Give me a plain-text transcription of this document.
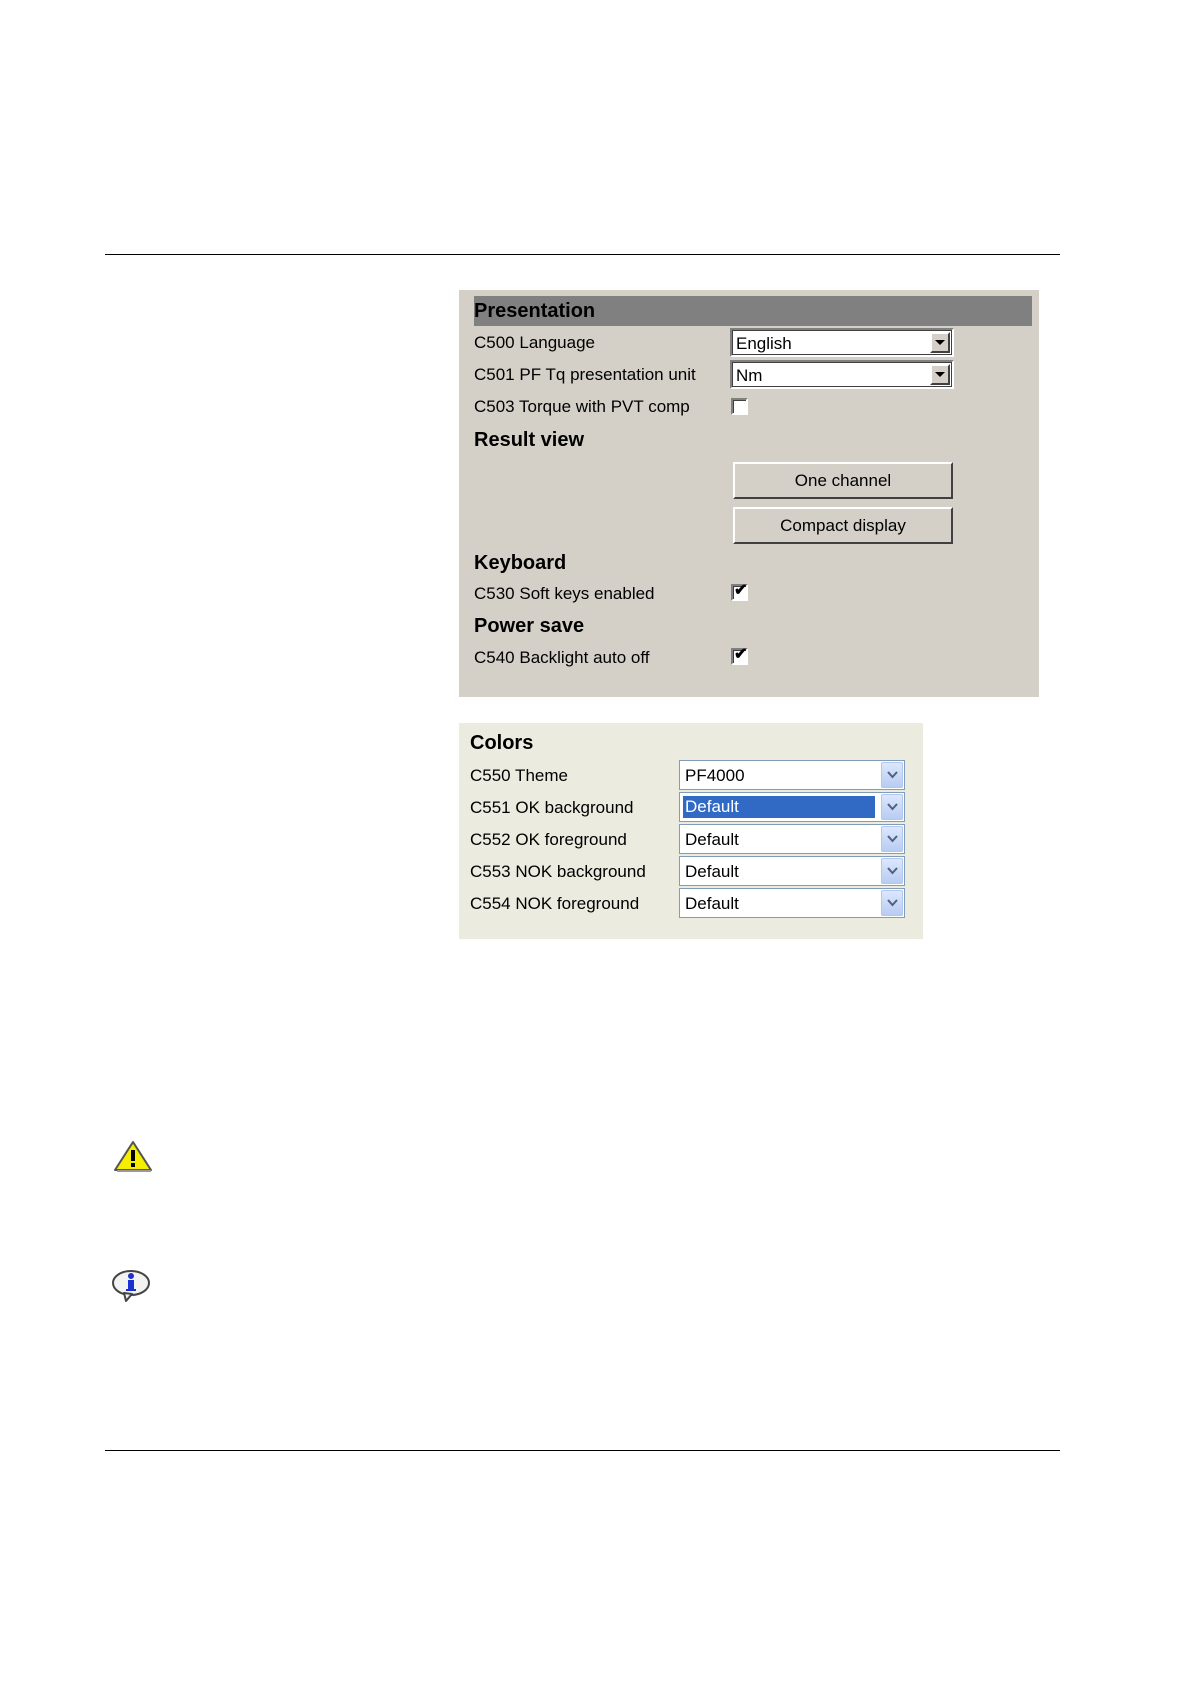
Presentation
C500 Language	English
C501 PF Tq presentation unit Nm
C503 Torque with PVT comp
Result view
One channel
Compact display
Keyboard
C530 Soft keys enabled	✔
Power save
C540 Backlight auto off	✔
Colors
C550 Theme	PF4000
C551 OK background	Default
C552 OK foreground	Default
C553 NOK background Default
C554 NOK foreground	Default
